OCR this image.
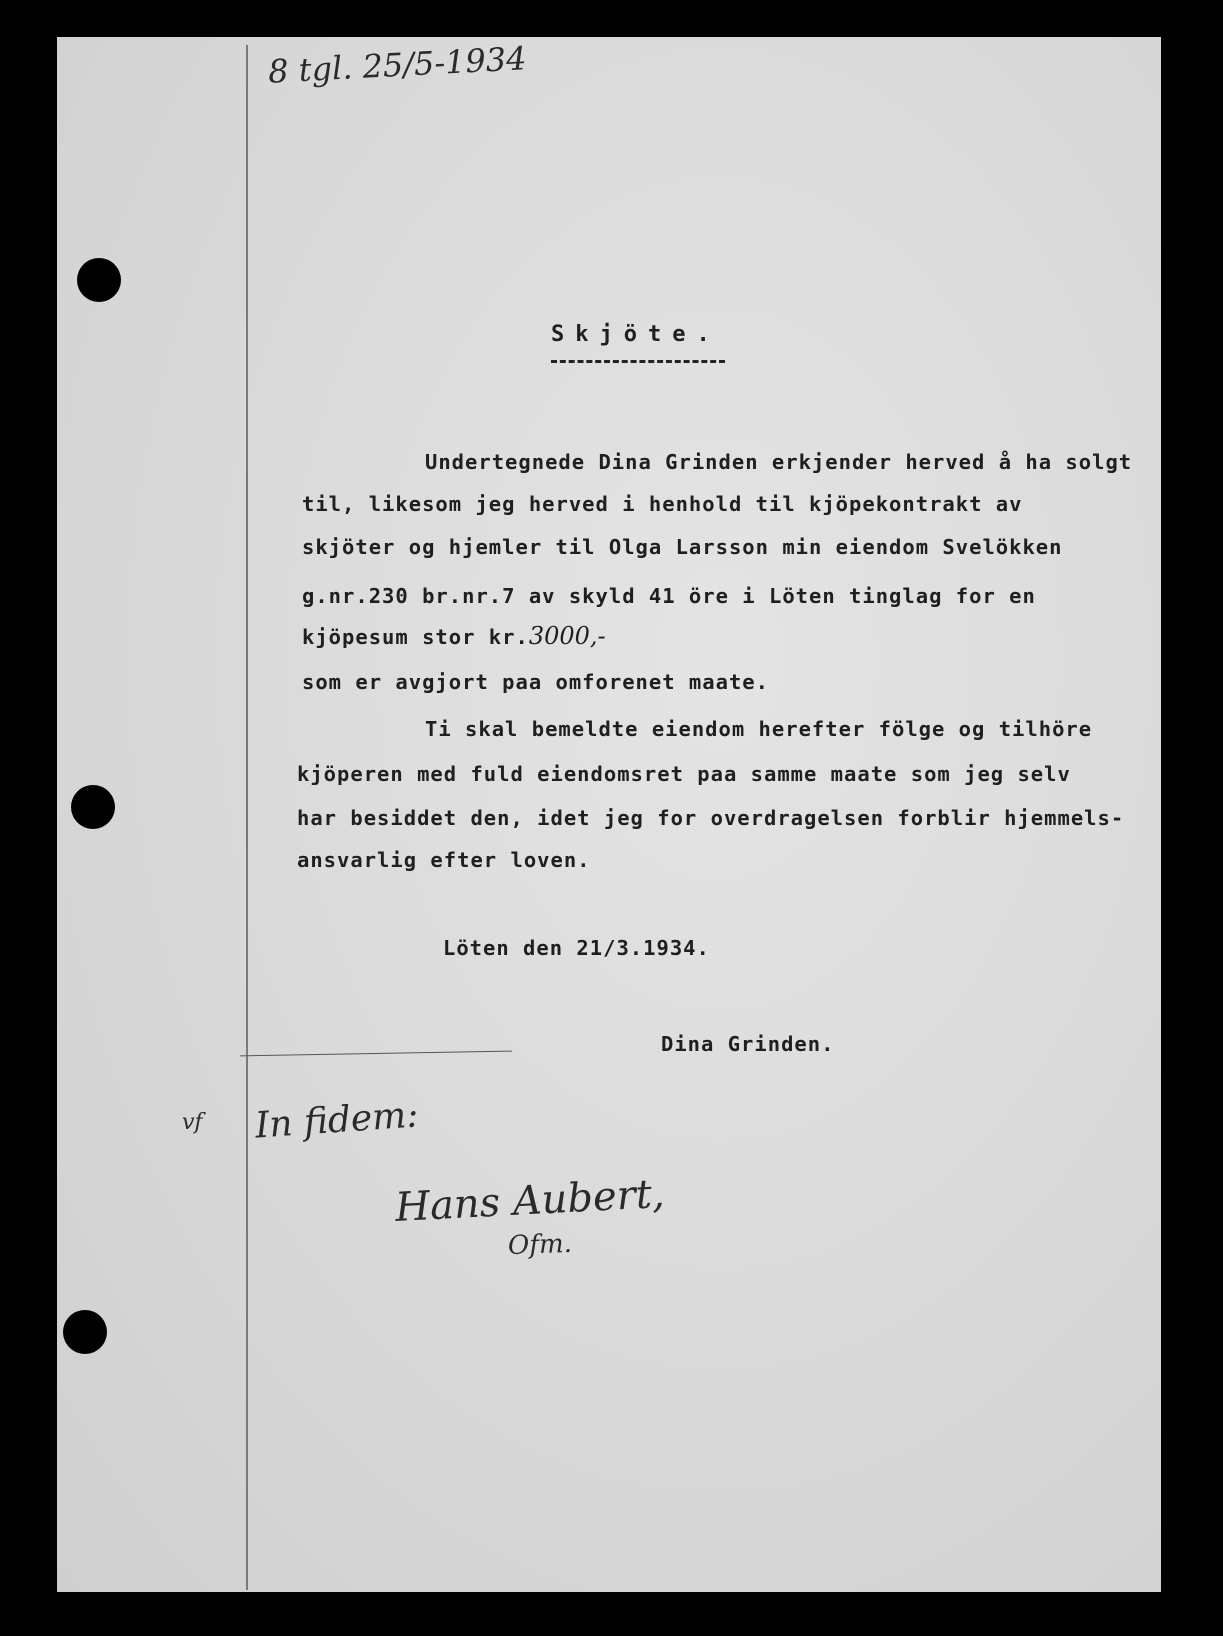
8 tgl. 25/5-1934
Skjöte.
Undertegnede Dina Grinden erkjender herved å ha solgt
til, likesom jeg herved i henhold til kjöpekontrakt av
skjöter og hjemler til Olga Larsson min eiendom Svelökken
g.nr.230 br.nr.7 av skyld 41 öre i Löten tinglag for en
kjöpesum stor kr.3000,-
som er avgjort paa omforenet maate.
Ti skal bemeldte eiendom herefter fölge og tilhöre
kjöperen med fuld eiendomsret paa samme maate som jeg selv
har besiddet den, idet jeg for overdragelsen forblir hjemmels-
ansvarlig efter loven.
Löten den 21/3.1934.
Dina Grinden.
vf In fidem:
Hans Aubert,
Ofm.
